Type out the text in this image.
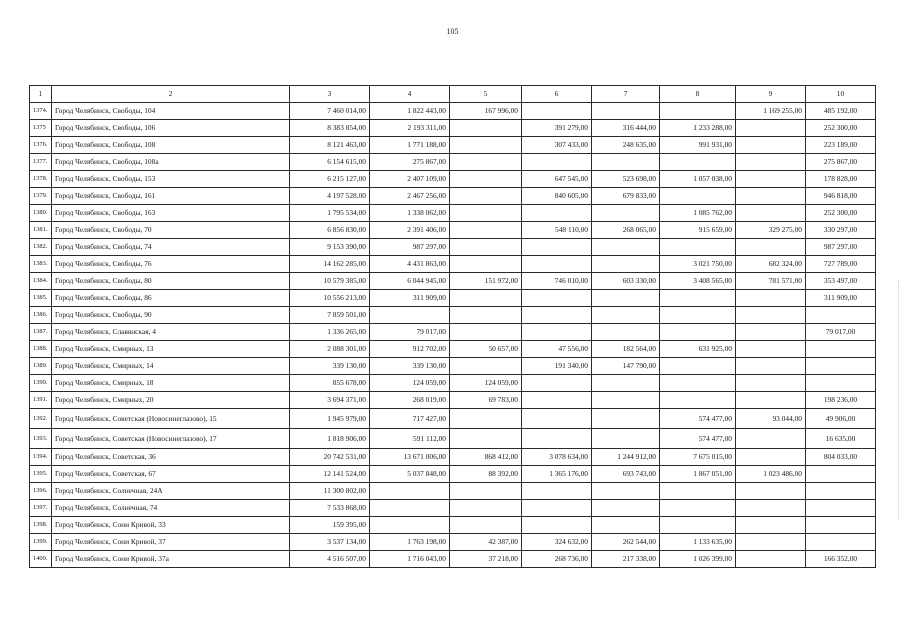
105
1	2	3	4	5	6	7	8	9	10
1374.	Город Челябинск, Свободы, 104	7 460 014,00	1 822 443,00	167 996,00				1 169 255,00	485 192,00
1375	Город Челябинск, Свободы, 106	8 383 854,00	2 193 311,00		391 279,00	316 444,00	1 233 288,00		252 300,00
1376.	Город Челябинск, Свободы, 108	8 121 463,00	1 771 188,00		307 433,00	248 635,00	991 931,00		223 189,00
1377.	Город Челябинск, Свободы, 108а	6 154 615,00	275 867,00						275 867,00
1378.	Город Челябинск, Свободы, 153	6 215 127,00	2 407 109,00		647 545,00	523 698,00	1 057 038,00		178 828,00
1379.	Город Челябинск, Свободы, 161	4 197 528,00	2 467 256,00		840 605,00	679 833,00			946 818,00
1380.	Город Челябинск, Свободы, 163	1 795 534,00	1 338 062,00				1 085 762,00		252 300,00
1381.	Город Челябинск, Свободы, 70	6 856 830,00	2 391 406,00		548 110,00	268 065,00	915 659,00	329 275,00	330 297,00
1382.	Город Челябинск, Свободы, 74	9 153 390,00	987 297,00						987 297,00
1383.	Город Челябинск, Свободы, 76	14 162 285,00	4 431 863,00				3 021 750,00	682 324,00	727 789,00
1384.	Город Челябинск, Свободы, 80	10 579 385,00	6 044 945,00	151 972,00	746 010,00	603 330,00	3 408 565,00	781 571,00	353 497,00
1385.	Город Челябинск, Свободы, 86	10 556 213,00	311 909,00						311 909,00
1386.	Город Челябинск, Свободы, 90	7 859 501,00							
1387.	Город Челябинск, Славянская, 4	1 336 265,00	79 017,00						79 017,00
1388.	Город Челябинск, Смирных, 13	2 088 301,00	912 702,00	50 657,00	47 556,00	182 564,00	631 925,00		
1389.	Город Челябинск, Смирных, 14	339 130,00	339 130,00		191 340,00	147 790,00			
1390.	Город Челябинск, Смирных, 18	855 678,00	124 059,00	124 059,00					
1391.	Город Челябинск, Смирных, 20	3 694 371,00	268 019,00	69 783,00					198 236,00
1392.	Город Челябинск, Советская (Новосинеглазово), 15	1 945 979,00	717 427,00				574 477,00	93 044,00	49 906,00
1393.	Город Челябинск, Советская (Новосинеглазово), 17	1 818 906,00	591 112,00				574 477,00		16 635,00
1394.	Город Челябинск, Советская, 36	20 742 531,00	13 671 006,00	868 412,00	3 078 634,00	1 244 912,00	7 675 015,00		804 033,00
1395.	Город Челябинск, Советская, 67	12 141 524,00	5 037 848,00	88 392,00	1 365 176,00	693 743,00	1 867 051,00	1 023 486,00	
1396.	Город Челябинск, Солнечная, 24А	11 300 802,00							
1397.	Город Челябинск, Солнечная, 74	7 533 868,00							
1398.	Город Челябинск, Сони Кривой, 33	159 395,00							
1399.	Город Челябинск, Сони Кривой, 37	3 537 134,00	1 763 198,00	42 387,00	324 632,00	262 544,00	1 133 635,00		
1400.	Город Челябинск, Сони Кривой, 37а	4 516 507,00	1 716 043,00	37 218,00	268 736,00	217 338,00	1 026 399,00		166 352,00
